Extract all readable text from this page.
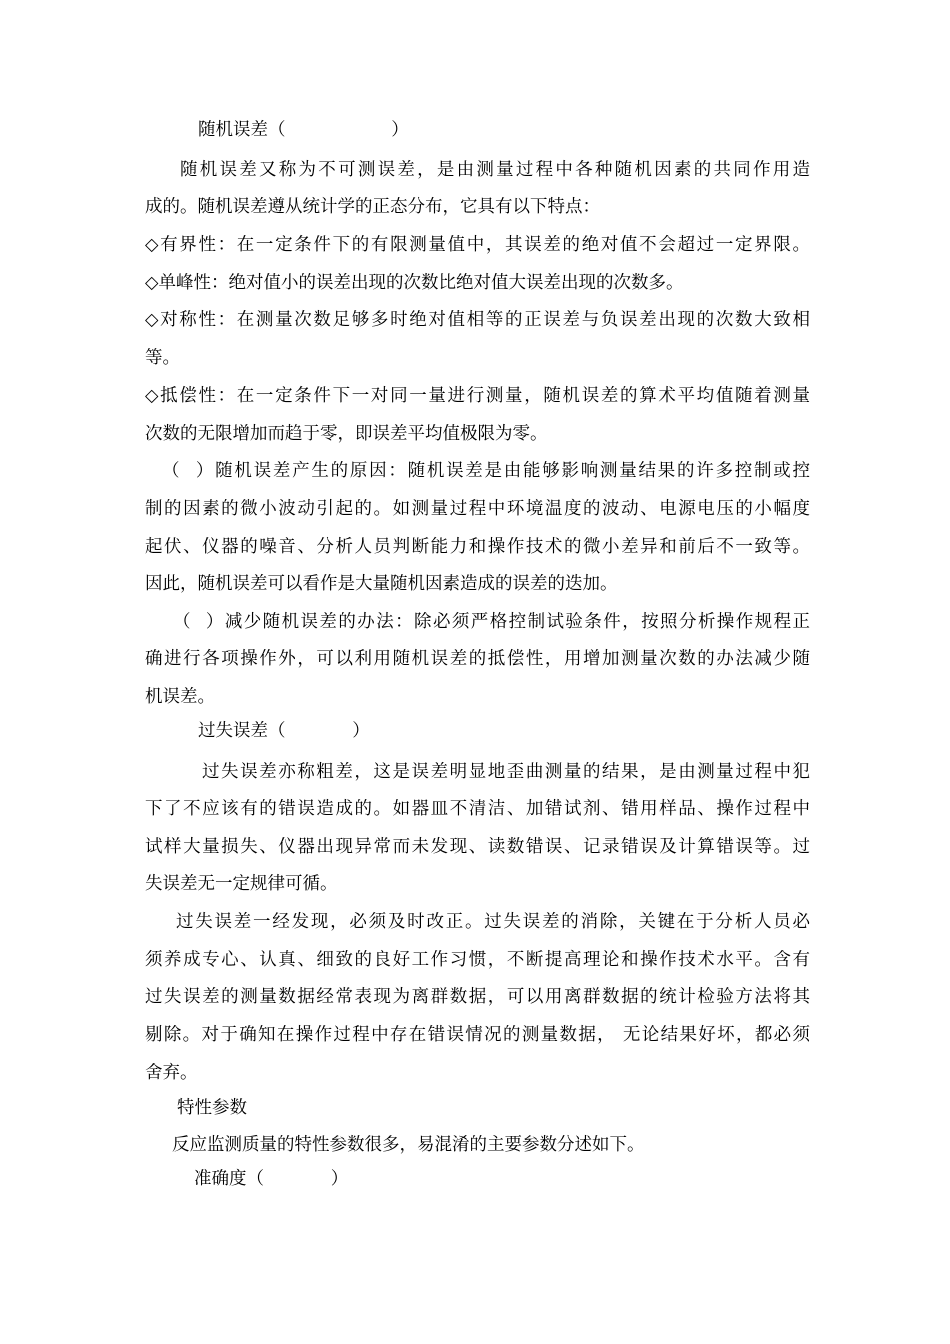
随机误差（                   ）
随机误差又称为不可测误差，是由测量过程中各种随机因素的共同作用造
成的。随机误差遵从统计学的正态分布，它具有以下特点：
◇有界性：在一定条件下的有限测量值中，其误差的绝对值不会超过一定界限。
◇单峰性：绝对值小的误差出现的次数比绝对值大误差出现的次数多。
◇对称性：在测量次数足够多时绝对值相等的正误差与负误差出现的次数大致相
等。
◇抵偿性：在一定条件下一对同一量进行测量，随机误差的算术平均值随着测量
次数的无限增加而趋于零，即误差平均值极限为零。
（  ）随机误差产生的原因：随机误差是由能够影响测量结果的许多控制或控
制的因素的微小波动引起的。如测量过程中环境温度的波动、电源电压的小幅度
起伏、仪器的噪音、分析人员判断能力和操作技术的微小差异和前后不一致等。
因此，随机误差可以看作是大量随机因素造成的误差的迭加。
（  ）减少随机误差的办法：除必须严格控制试验条件，按照分析操作规程正
确进行各项操作外，可以利用随机误差的抵偿性，用增加测量次数的办法减少随
机误差。
过失误差（            ）
过失误差亦称粗差，这是误差明显地歪曲测量的结果，是由测量过程中犯
下了不应该有的错误造成的。如器皿不清洁、加错试剂、错用样品、操作过程中
试样大量损失、仪器出现异常而未发现、读数错误、记录错误及计算错误等。过
失误差无一定规律可循。
过失误差一经发现，必须及时改正。过失误差的消除，关键在于分析人员必
须养成专心、认真、细致的良好工作习惯，不断提高理论和操作技术水平。含有
过失误差的测量数据经常表现为离群数据，可以用离群数据的统计检验方法将其
剔除。对于确知在操作过程中存在错误情况的测量数据， 无论结果好坏，都必须
舍弃。
特性参数
反应监测质量的特性参数很多，易混淆的主要参数分述如下。
准确度（            ）
